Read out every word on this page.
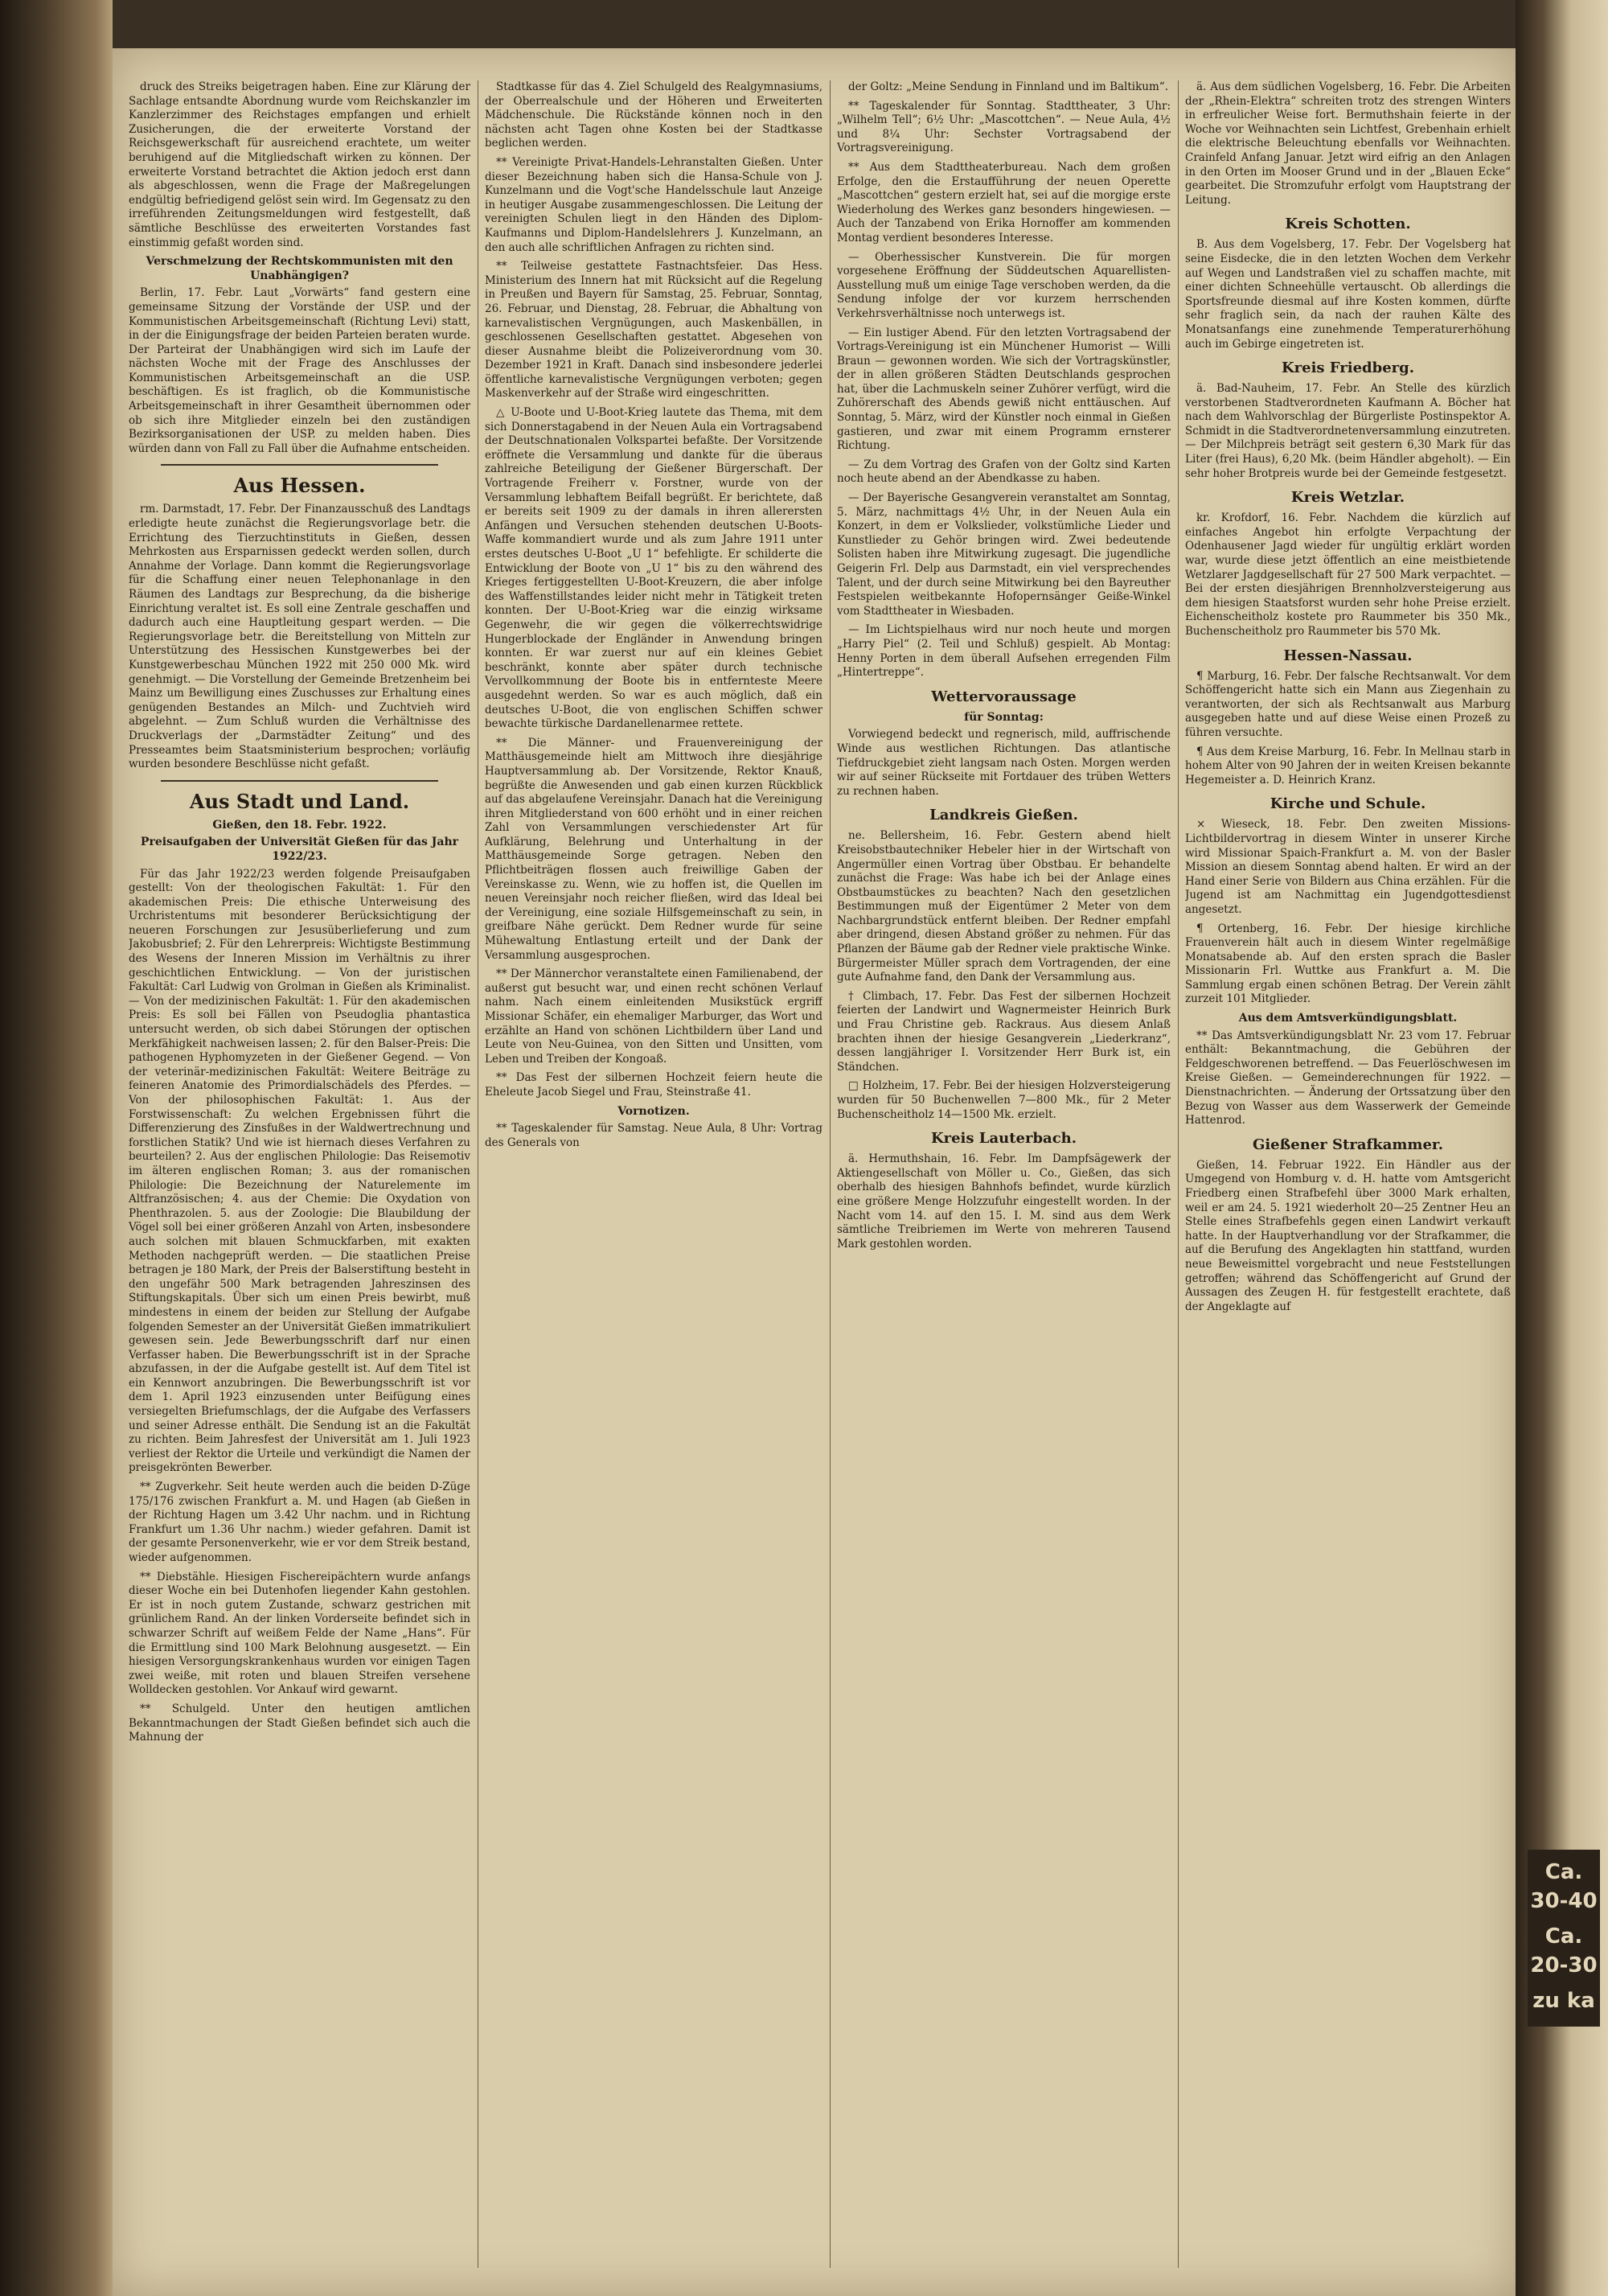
druck des Streiks beigetragen haben. Eine zur Klärung der Sachlage entsandte Abordnung wurde vom Reichskanzler im Kanzlerzimmer des Reichstages empfangen und erhielt Zusicherungen, die der erweiterte Vorstand der Reichsgewerkschaft für ausreichend erachtete, um weiter beruhigend auf die Mitgliedschaft wirken zu können. Der erweiterte Vorstand betrachtet die Aktion jedoch erst dann als abgeschlossen, wenn die Frage der Maßregelungen endgültig befriedigend gelöst sein wird. Im Gegensatz zu den irreführenden Zeitungsmeldungen wird festgestellt, daß sämtliche Beschlüsse des erweiterten Vorstandes fast einstimmig gefaßt worden sind.

Verschmelzung der Rechtskommunisten mit den Unabhängigen?

Berlin, 17. Febr. Laut „Vorwärts“ fand gestern eine gemeinsame Sitzung der Vorstände der USP. und der Kommunistischen Arbeitsgemeinschaft (Richtung Levi) statt, in der die Einigungsfrage der beiden Parteien beraten wurde. Der Parteirat der Unabhängigen wird sich im Laufe der nächsten Woche mit der Frage des Anschlusses der Kommunistischen Arbeitsgemeinschaft an die USP. beschäftigen. Es ist fraglich, ob die Kommunistische Arbeitsgemeinschaft in ihrer Gesamtheit übernommen oder ob sich ihre Mitglieder einzeln bei den zuständigen Bezirksorganisationen der USP. zu melden haben. Dies würden dann von Fall zu Fall über die Aufnahme entscheiden.

Aus Hessen.

rm. Darmstadt, 17. Febr. Der Finanzausschuß des Landtags erledigte heute zunächst die Regierungsvorlage betr. die Errichtung des Tierzuchtinstituts in Gießen, dessen Mehrkosten aus Ersparnissen gedeckt werden sollen, durch Annahme der Vorlage. Dann kommt die Regierungsvorlage für die Schaffung einer neuen Telephonanlage in den Räumen des Landtags zur Besprechung, da die bisherige Einrichtung veraltet ist. Es soll eine Zentrale geschaffen und dadurch auch eine Hauptleitung gespart werden. — Die Regierungsvorlage betr. die Bereitstellung von Mitteln zur Unterstützung des Hessischen Kunstgewerbes bei der Kunstgewerbeschau München 1922 mit 250 000 Mk. wird genehmigt. — Die Vorstellung der Gemeinde Bretzenheim bei Mainz um Bewilligung eines Zuschusses zur Erhaltung eines genügenden Bestandes an Milch- und Zuchtvieh wird abgelehnt. — Zum Schluß wurden die Verhältnisse des Druckverlags der „Darmstädter Zeitung“ und des Presseamtes beim Staatsministerium besprochen; vorläufig wurden besondere Beschlüsse nicht gefaßt.

Aus Stadt und Land.
Gießen, den 18. Febr. 1922.
Preisaufgaben der Universität Gießen für das Jahr 1922/23.

Für das Jahr 1922/23 werden folgende Preisaufgaben gestellt: Von der theologischen Fakultät: 1. Für den akademischen Preis: Die ethische Unterweisung des Urchristentums mit besonderer Berücksichtigung der neueren Forschungen zur Jesusüberlieferung und zum Jakobusbrief; 2. Für den Lehrerpreis: Wichtigste Bestimmung des Wesens der Inneren Mission im Verhältnis zu ihrer geschichtlichen Entwicklung. — Von der juristischen Fakultät: Carl Ludwig von Grolman in Gießen als Kriminalist. — Von der medizinischen Fakultät: 1. Für den akademischen Preis: Es soll bei Fällen von Pseudoglia phantastica untersucht werden, ob sich dabei Störungen der optischen Merkfähigkeit nachweisen lassen; 2. für den Balser-Preis: Die pathogenen Hyphomyzeten in der Gießener Gegend. — Von der veterinär-medizinischen Fakultät: Weitere Beiträge zu feineren Anatomie des Primordialschädels des Pferdes. — Von der philosophischen Fakultät: 1. Aus der Forstwissenschaft: Zu welchen Ergebnissen führt die Differenzierung des Zinsfußes in der Waldwertrechnung und forstlichen Statik? Und wie ist hiernach dieses Verfahren zu beurteilen? 2. Aus der englischen Philologie: Das Reisemotiv im älteren englischen Roman; 3. aus der romanischen Philologie: Die Bezeichnung der Naturelemente im Altfranzösischen; 4. aus der Chemie: Die Oxydation von Phenthrazolen. 5. aus der Zoologie: Die Blaubildung der Vögel soll bei einer größeren Anzahl von Arten, insbesondere auch solchen mit blauen Schmuckfarben, mit exakten Methoden nachgeprüft werden. — Die staatlichen Preise betragen je 180 Mark, der Preis der Balserstiftung besteht in den ungefähr 500 Mark betragenden Jahreszinsen des Stiftungskapitals. Über sich um einen Preis bewirbt, muß mindestens in einem der beiden zur Stellung der Aufgabe folgenden Semester an der Universität Gießen immatrikuliert gewesen sein. Jede Bewerbungsschrift darf nur einen Verfasser haben. Die Bewerbungsschrift ist in der Sprache abzufassen, in der die Aufgabe gestellt ist. Auf dem Titel ist ein Kennwort anzubringen. Die Bewerbungsschrift ist vor dem 1. April 1923 einzusenden unter Beifügung eines versiegelten Briefumschlags, der die Aufgabe des Verfassers und seiner Adresse enthält. Die Sendung ist an die Fakultät zu richten. Beim Jahresfest der Universität am 1. Juli 1923 verliest der Rektor die Urteile und verkündigt die Namen der preisgekrönten Bewerber.

** Zugverkehr. Seit heute werden auch die beiden D-Züge 175/176 zwischen Frankfurt a. M. und Hagen (ab Gießen in der Richtung Hagen um 3.42 Uhr nachm. und in Richtung Frankfurt um 1.36 Uhr nachm.) wieder gefahren. Damit ist der gesamte Personenverkehr, wie er vor dem Streik bestand, wieder aufgenommen.

** Diebstähle. Hiesigen Fischereipächtern wurde anfangs dieser Woche ein bei Dutenhofen liegender Kahn gestohlen. Er ist in noch gutem Zustande, schwarz gestrichen mit grünlichem Rand. An der linken Vorderseite befindet sich in schwarzer Schrift auf weißem Felde der Name „Hans“. Für die Ermittlung sind 100 Mark Belohnung ausgesetzt. — Ein hiesigen Versorgungskrankenhaus wurden vor einigen Tagen zwei weiße, mit roten und blauen Streifen versehene Wolldecken gestohlen. Vor Ankauf wird gewarnt.

** Schulgeld. Unter den heutigen amtlichen Bekanntmachungen der Stadt Gießen befindet sich auch die Mahnung der

Stadtkasse für das 4. Ziel Schulgeld des Realgymnasiums, der Oberrealschule und der Höheren und Erweiterten Mädchenschule. Die Rückstände können noch in den nächsten acht Tagen ohne Kosten bei der Stadtkasse beglichen werden.

** Vereinigte Privat-Handels-Lehranstalten Gießen. Unter dieser Bezeichnung haben sich die Hansa-Schule von J. Kunzelmann und die Vogt'sche Handelsschule laut Anzeige in heutiger Ausgabe zusammengeschlossen. Die Leitung der vereinigten Schulen liegt in den Händen des Diplom-Kaufmanns und Diplom-Handelslehrers J. Kunzelmann, an den auch alle schriftlichen Anfragen zu richten sind.

** Teilweise gestattete Fastnachtsfeier. Das Hess. Ministerium des Innern hat mit Rücksicht auf die Regelung in Preußen und Bayern für Samstag, 25. Februar, Sonntag, 26. Februar, und Dienstag, 28. Februar, die Abhaltung von karnevalistischen Vergnügungen, auch Maskenbällen, in geschlossenen Gesellschaften gestattet. Abgesehen von dieser Ausnahme bleibt die Polizeiverordnung vom 30. Dezember 1921 in Kraft. Danach sind insbesondere jederlei öffentliche karnevalistische Vergnügungen verboten; gegen Maskenverkehr auf der Straße wird eingeschritten.

△ U-Boote und U-Boot-Krieg lautete das Thema, mit dem sich Donnerstagabend in der Neuen Aula ein Vortragsabend der Deutschnationalen Volkspartei befaßte. Der Vorsitzende eröffnete die Versammlung und dankte für die überaus zahlreiche Beteiligung der Gießener Bürgerschaft. Der Vortragende Freiherr v. Forstner, wurde von der Versammlung lebhaftem Beifall begrüßt. Er berichtete, daß er bereits seit 1909 zu der damals in ihren allerersten Anfängen und Versuchen stehenden deutschen U-Boots-Waffe kommandiert wurde und als zum Jahre 1911 unter erstes deutsches U-Boot „U 1“ befehligte. Er schilderte die Entwicklung der Boote von „U 1“ bis zu den während des Krieges fertiggestellten U-Boot-Kreuzern, die aber infolge des Waffenstillstandes leider nicht mehr in Tätigkeit treten konnten. Der U-Boot-Krieg war die einzig wirksame Gegenwehr, die wir gegen die völkerrechtswidrige Hungerblockade der Engländer in Anwendung bringen konnten. Er war zuerst nur auf ein kleines Gebiet beschränkt, konnte aber später durch technische Vervollkommnung der Boote bis in entfernteste Meere ausgedehnt werden. So war es auch möglich, daß ein deutsches U-Boot, die von englischen Schiffen schwer bewachte türkische Dardanellenarmee rettete.

** Die Männer- und Frauenvereinigung der Matthäusgemeinde hielt am Mittwoch ihre diesjährige Hauptversammlung ab. Der Vorsitzende, Rektor Knauß, begrüßte die Anwesenden und gab einen kurzen Rückblick auf das abgelaufene Vereinsjahr. Danach hat die Vereinigung ihren Mitgliederstand von 600 erhöht und in einer reichen Zahl von Versammlungen verschiedenster Art für Aufklärung, Belehrung und Unterhaltung in der Matthäusgemeinde Sorge getragen. Neben den Pflichtbeiträgen flossen auch freiwillige Gaben der Vereinskasse zu. Wenn, wie zu hoffen ist, die Quellen im neuen Vereinsjahr noch reicher fließen, wird das Ideal bei der Vereinigung, eine soziale Hilfsgemeinschaft zu sein, in greifbare Nähe gerückt. Dem Redner wurde für seine Mühewaltung Entlastung erteilt und der Dank der Versammlung ausgesprochen.

** Der Männerchor veranstaltete einen Familienabend, der außerst gut besucht war, und einen recht schönen Verlauf nahm. Nach einem einleitenden Musikstück ergriff Missionar Schäfer, ein ehemaliger Marburger, das Wort und erzählte an Hand von schönen Lichtbildern über Land und Leute von Neu-Guinea, von den Sitten und Unsitten, vom Leben und Treiben der Kongoaß.

** Das Fest der silbernen Hochzeit feiern heute die Eheleute Jacob Siegel und Frau, Steinstraße 41.

Vornotizen.

** Tageskalender für Samstag. Neue Aula, 8 Uhr: Vortrag des Generals von

der Goltz: „Meine Sendung in Finnland und im Baltikum“.

** Tageskalender für Sonntag. Stadttheater, 3 Uhr: „Wilhelm Tell“; 6½ Uhr: „Mascottchen“. — Neue Aula, 4½ und 8¼ Uhr: Sechster Vortragsabend der Vortragsvereinigung.

** Aus dem Stadttheaterbureau. Nach dem großen Erfolge, den die Erstaufführung der neuen Operette „Mascottchen“ gestern erzielt hat, sei auf die morgige erste Wiederholung des Werkes ganz besonders hingewiesen. — Auch der Tanzabend von Erika Hornoffer am kommenden Montag verdient besonderes Interesse.

— Oberhessischer Kunstverein. Die für morgen vorgesehene Eröffnung der Süddeutschen Aquarellisten-Ausstellung muß um einige Tage verschoben werden, da die Sendung infolge der vor kurzem herrschenden Verkehrsverhältnisse noch unterwegs ist.

— Ein lustiger Abend. Für den letzten Vortragsabend der Vortrags-Vereinigung ist ein Münchener Humorist — Willi Braun — gewonnen worden. Wie sich der Vortragskünstler, der in allen größeren Städten Deutschlands gesprochen hat, über die Lachmuskeln seiner Zuhörer verfügt, wird die Zuhörerschaft des Abends gewiß nicht enttäuschen. Auf Sonntag, 5. März, wird der Künstler noch einmal in Gießen gastieren, und zwar mit einem Programm ernsterer Richtung.

— Zu dem Vortrag des Grafen von der Goltz sind Karten noch heute abend an der Abendkasse zu haben.

— Der Bayerische Gesangverein veranstaltet am Sonntag, 5. März, nachmittags 4½ Uhr, in der Neuen Aula ein Konzert, in dem er Volkslieder, volkstümliche Lieder und Kunstlieder zu Gehör bringen wird. Zwei bedeutende Solisten haben ihre Mitwirkung zugesagt. Die jugendliche Geigerin Frl. Delp aus Darmstadt, ein viel versprechendes Talent, und der durch seine Mitwirkung bei den Bayreuther Festspielen weitbekannte Hofopernsänger Geiße-Winkel vom Stadttheater in Wiesbaden.

— Im Lichtspielhaus wird nur noch heute und morgen „Harry Piel“ (2. Teil und Schluß) gespielt. Ab Montag: Henny Porten in dem überall Aufsehen erregenden Film „Hintertreppe“.

Wettervoraussage
für Sonntag:

Vorwiegend bedeckt und regnerisch, mild, auffrischende Winde aus westlichen Richtungen. Das atlantische Tiefdruckgebiet zieht langsam nach Osten. Morgen werden wir auf seiner Rückseite mit Fortdauer des trüben Wetters zu rechnen haben.

Landkreis Gießen.

ne. Bellersheim, 16. Febr. Gestern abend hielt Kreisobstbautechniker Hebeler hier in der Wirtschaft von Angermüller einen Vortrag über Obstbau. Er behandelte zunächst die Frage: Was habe ich bei der Anlage eines Obstbaumstückes zu beachten? Nach den gesetzlichen Bestimmungen muß der Eigentümer 2 Meter von dem Nachbargrundstück entfernt bleiben. Der Redner empfahl aber dringend, diesen Abstand größer zu nehmen. Für das Pflanzen der Bäume gab der Redner viele praktische Winke. Bürgermeister Müller sprach dem Vortragenden, der eine gute Aufnahme fand, den Dank der Versammlung aus.

† Climbach, 17. Febr. Das Fest der silbernen Hochzeit feierten der Landwirt und Wagnermeister Heinrich Burk und Frau Christine geb. Rackraus. Aus diesem Anlaß brachten ihnen der hiesige Gesangverein „Liederkranz“, dessen langjähriger I. Vorsitzender Herr Burk ist, ein Ständchen.

□ Holzheim, 17. Febr. Bei der hiesigen Holzversteigerung wurden für 50 Buchenwellen 7—800 Mk., für 2 Meter Buchenscheitholz 14—1500 Mk. erzielt.

Kreis Lauterbach.

ä. Hermuthshain, 16. Febr. Im Dampfsägewerk der Aktiengesellschaft von Möller u. Co., Gießen, das sich oberhalb des hiesigen Bahnhofs befindet, wurde kürzlich eine größere Menge Holzzufuhr eingestellt worden. In der Nacht vom 14. auf den 15. I. M. sind aus dem Werk sämtliche Treibriemen im Werte von mehreren Tausend Mark gestohlen worden.

ä. Aus dem südlichen Vogelsberg, 16. Febr. Die Arbeiten der „Rhein-Elektra“ schreiten trotz des strengen Winters in erfreulicher Weise fort. Bermuthshain feierte in der Woche vor Weihnachten sein Lichtfest, Grebenhain erhielt die elektrische Beleuchtung ebenfalls vor Weihnachten. Crainfeld Anfang Januar. Jetzt wird eifrig an den Anlagen in den Orten im Mooser Grund und in der „Blauen Ecke“ gearbeitet. Die Stromzufuhr erfolgt vom Hauptstrang der Leitung.

Kreis Schotten.

B. Aus dem Vogelsberg, 17. Febr. Der Vogelsberg hat seine Eisdecke, die in den letzten Wochen dem Verkehr auf Wegen und Landstraßen viel zu schaffen machte, mit einer dichten Schneehülle vertauscht. Ob allerdings die Sportsfreunde diesmal auf ihre Kosten kommen, dürfte sehr fraglich sein, da nach der rauhen Kälte des Monatsanfangs eine zunehmende Temperaturerhöhung auch im Gebirge eingetreten ist.

Kreis Friedberg.

ä. Bad-Nauheim, 17. Febr. An Stelle des kürzlich verstorbenen Stadtverordneten Kaufmann A. Böcher hat nach dem Wahlvorschlag der Bürgerliste Postinspektor A. Schmidt in die Stadtverordnetenversammlung einzutreten. — Der Milchpreis beträgt seit gestern 6,30 Mark für das Liter (frei Haus), 6,20 Mk. (beim Händler abgeholt). — Ein sehr hoher Brotpreis wurde bei der Gemeinde festgesetzt.

Kreis Wetzlar.

kr. Krofdorf, 16. Febr. Nachdem die kürzlich auf einfaches Angebot hin erfolgte Verpachtung der Odenhausener Jagd wieder für ungültig erklärt worden war, wurde diese jetzt öffentlich an eine meistbietende Wetzlarer Jagdgesellschaft für 27 500 Mark verpachtet. — Bei der ersten diesjährigen Brennholzversteigerung aus dem hiesigen Staatsforst wurden sehr hohe Preise erzielt. Eichenscheitholz kostete pro Raummeter bis 350 Mk., Buchenscheitholz pro Raummeter bis 570 Mk.

Hessen-Nassau.

¶ Marburg, 16. Febr. Der falsche Rechtsanwalt. Vor dem Schöffengericht hatte sich ein Mann aus Ziegenhain zu verantworten, der sich als Rechtsanwalt aus Marburg ausgegeben hatte und auf diese Weise einen Prozeß zu führen versuchte.

¶ Aus dem Kreise Marburg, 16. Febr. In Mellnau starb in hohem Alter von 90 Jahren der in weiten Kreisen bekannte Hegemeister a. D. Heinrich Kranz.

Kirche und Schule.

× Wieseck, 18. Febr. Den zweiten Missions-Lichtbildervortrag in diesem Winter in unserer Kirche wird Missionar Spaich-Frankfurt a. M. von der Basler Mission an diesem Sonntag abend halten. Er wird an der Hand einer Serie von Bildern aus China erzählen. Für die Jugend ist am Nachmittag ein Jugendgottesdienst angesetzt.

¶ Ortenberg, 16. Febr. Der hiesige kirchliche Frauenverein hält auch in diesem Winter regelmäßige Monatsabende ab. Auf den ersten sprach die Basler Missionarin Frl. Wuttke aus Frankfurt a. M. Die Sammlung ergab einen schönen Betrag. Der Verein zählt zurzeit 101 Mitglieder.

Aus dem Amtsverkündigungsblatt.

** Das Amtsverkündigungsblatt Nr. 23 vom 17. Februar enthält: Bekanntmachung, die Gebühren der Feldgeschworenen betreffend. — Das Feuerlöschwesen im Kreise Gießen. — Gemeinderechnungen für 1922. — Dienstnachrichten. — Änderung der Ortssatzung über den Bezug von Wasser aus dem Wasserwerk der Gemeinde Hattenrod.

Gießener Strafkammer.

Gießen, 14. Februar 1922. Ein Händler aus der Umgegend von Homburg v. d. H. hatte vom Amtsgericht Friedberg einen Strafbefehl über 3000 Mark erhalten, weil er am 24. 5. 1921 wiederholt 20—25 Zentner Heu an Stelle eines Strafbefehls gegen einen Landwirt verkauft hatte. In der Hauptverhandlung vor der Strafkammer, die auf die Berufung des Angeklagten hin stattfand, wurden neue Beweismittel vorgebracht und neue Feststellungen getroffen; während das Schöffengericht auf Grund der Aussagen des Zeugen H. für festgestellt erachtete, daß der Angeklagte auf

Ca. 30-40
Ca. 20-30
zu ka
